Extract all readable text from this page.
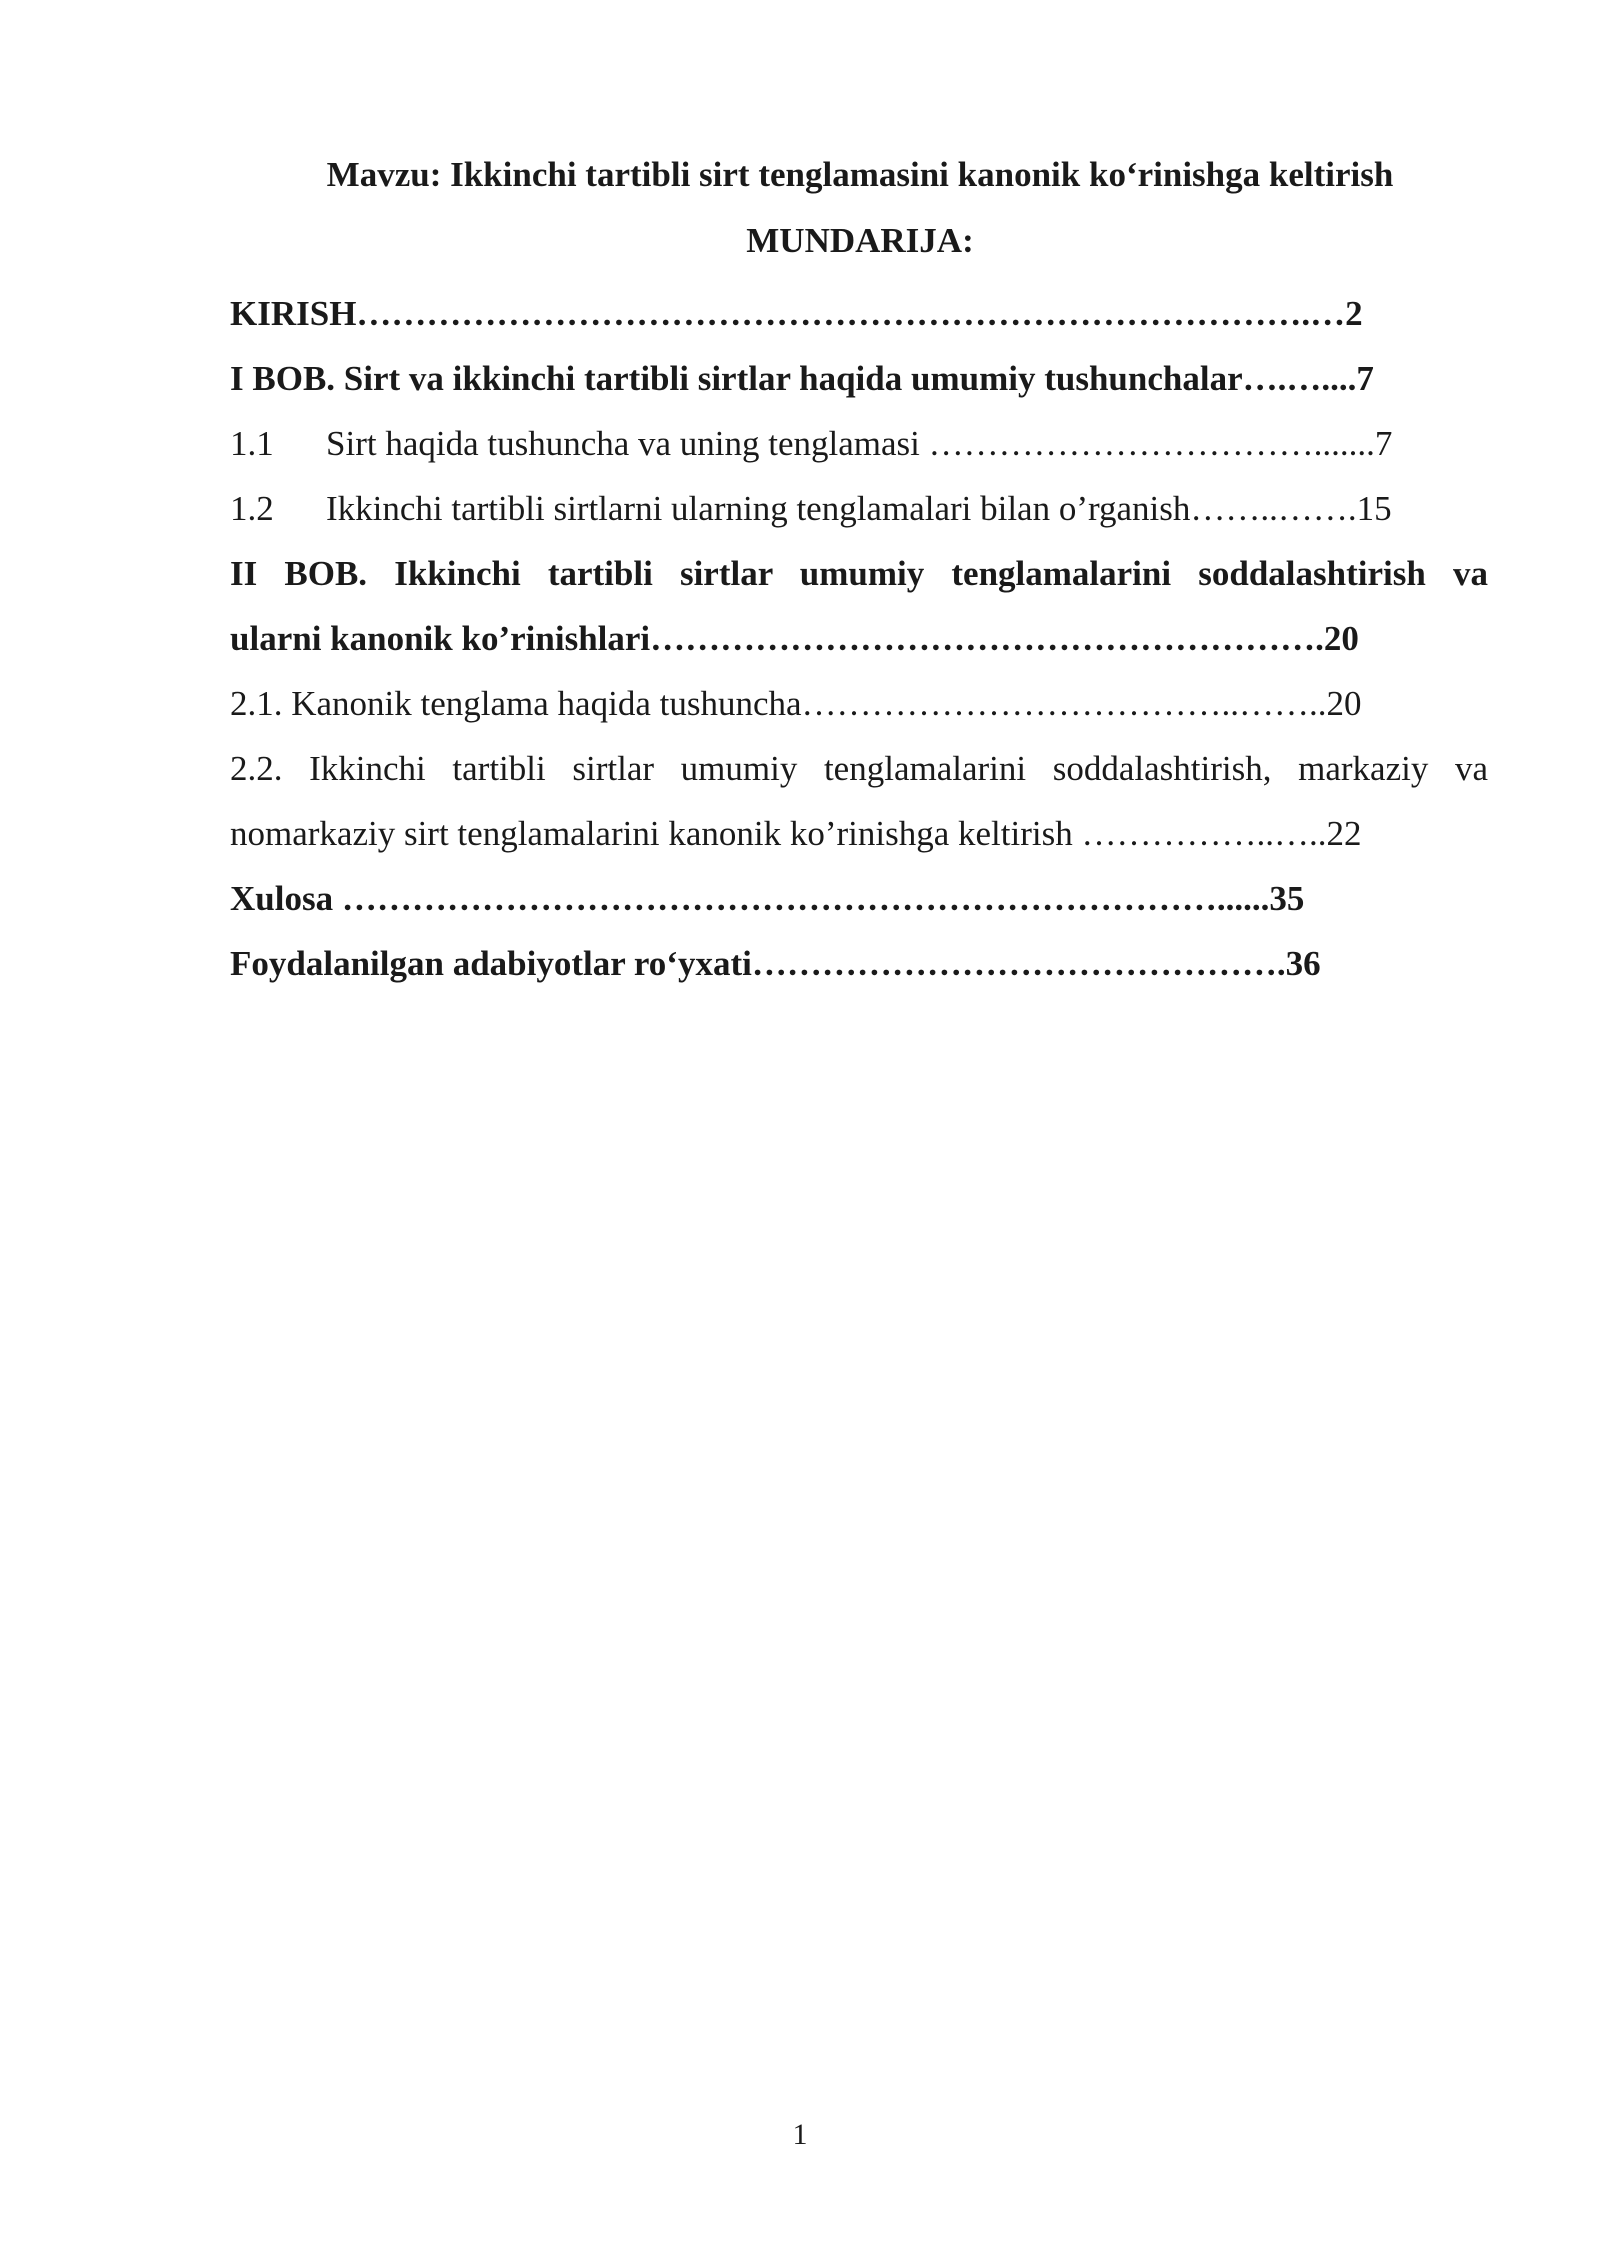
Mavzu: Ikkinchi tartibli sirt tenglamasini kanonik ko‘rinishga keltirish
MUNDARIJA:
KIRISH……………………………………………………………………….…2
I BOB. Sirt va ikkinchi tartibli sirtlar haqida umumiy tushunchalar….…....7
1.1 Sirt haqida tushuncha va uning tenglamasi …………………………….......7
1.2 Ikkinchi tartibli sirtlarni ularning tenglamalari bilan o’rganish……..…….15
II BOB. Ikkinchi tartibli sirtlar umumiy tenglamalarini soddalashtirish va
ularni kanonik ko’rinishlari………………………………………………….20
2.1. Kanonik tenglama haqida tushuncha………………………………..……..20
2.2. Ikkinchi tartibli sirtlar umumiy tenglamalarini soddalashtirish, markaziy va
nomarkaziy sirt tenglamalarini kanonik ko’rinishga keltirish ……………..…..22
Xulosa …………………………………………………………………......35
Foydalanilgan adabiyotlar ro‘yxati……………………………………….36
1
